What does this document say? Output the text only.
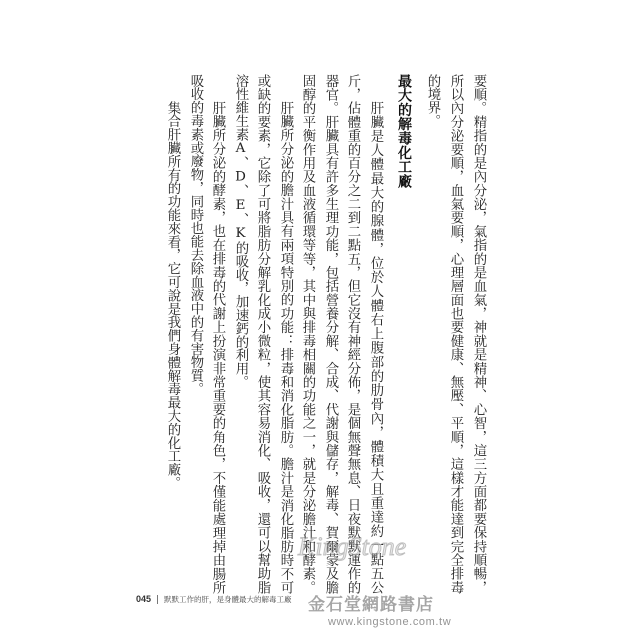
要順。精指的是內分泌，氣指的是血氣，神就是精神、心智，這三方面都要保持順暢，

所以內分泌要順，血氣要順，心理層面也要健康、無壓、平順，這樣才能達到完全排毒

的境界。

最大的解毒化工廠

肝臟是人體最大的腺體，位於人體右上腹部的肋骨內，體積大且重達約一點五公

斤，佔體重的百分之二到二點五，但它沒有神經分佈，是個無聲無息、日夜默默運作的

器官。肝臟具有許多生理功能，包括營養分解、合成、代謝與儲存，解毒、賀爾蒙及膽

固醇的平衡作用及血液循環等等，其中與排毒相關的功能之一，就是分泌膽汁和酵素。

肝臟所分泌的膽汁具有兩項特別的功能：排毒和消化脂肪。膽汁是消化脂肪時不可

或缺的要素，它除了可將脂肪分解乳化成小微粒，使其容易消化、吸收，還可以幫助脂

溶性維生素A、D、E、K的吸收，加速鈣的利用。

肝臟所分泌的酵素，也在排毒的代謝上扮演非常重要的角色，不僅能處理掉由腸所

吸收的毒素或廢物，同時也能去除血液中的有害物質。

集合肝臟所有的功能來看，它可說是我們身體解毒最大的化工廠。

045 默默工作的肝，是身體最大的解毒工廠
KingStone
金石堂網路書店
www.kingstone.com.tw
